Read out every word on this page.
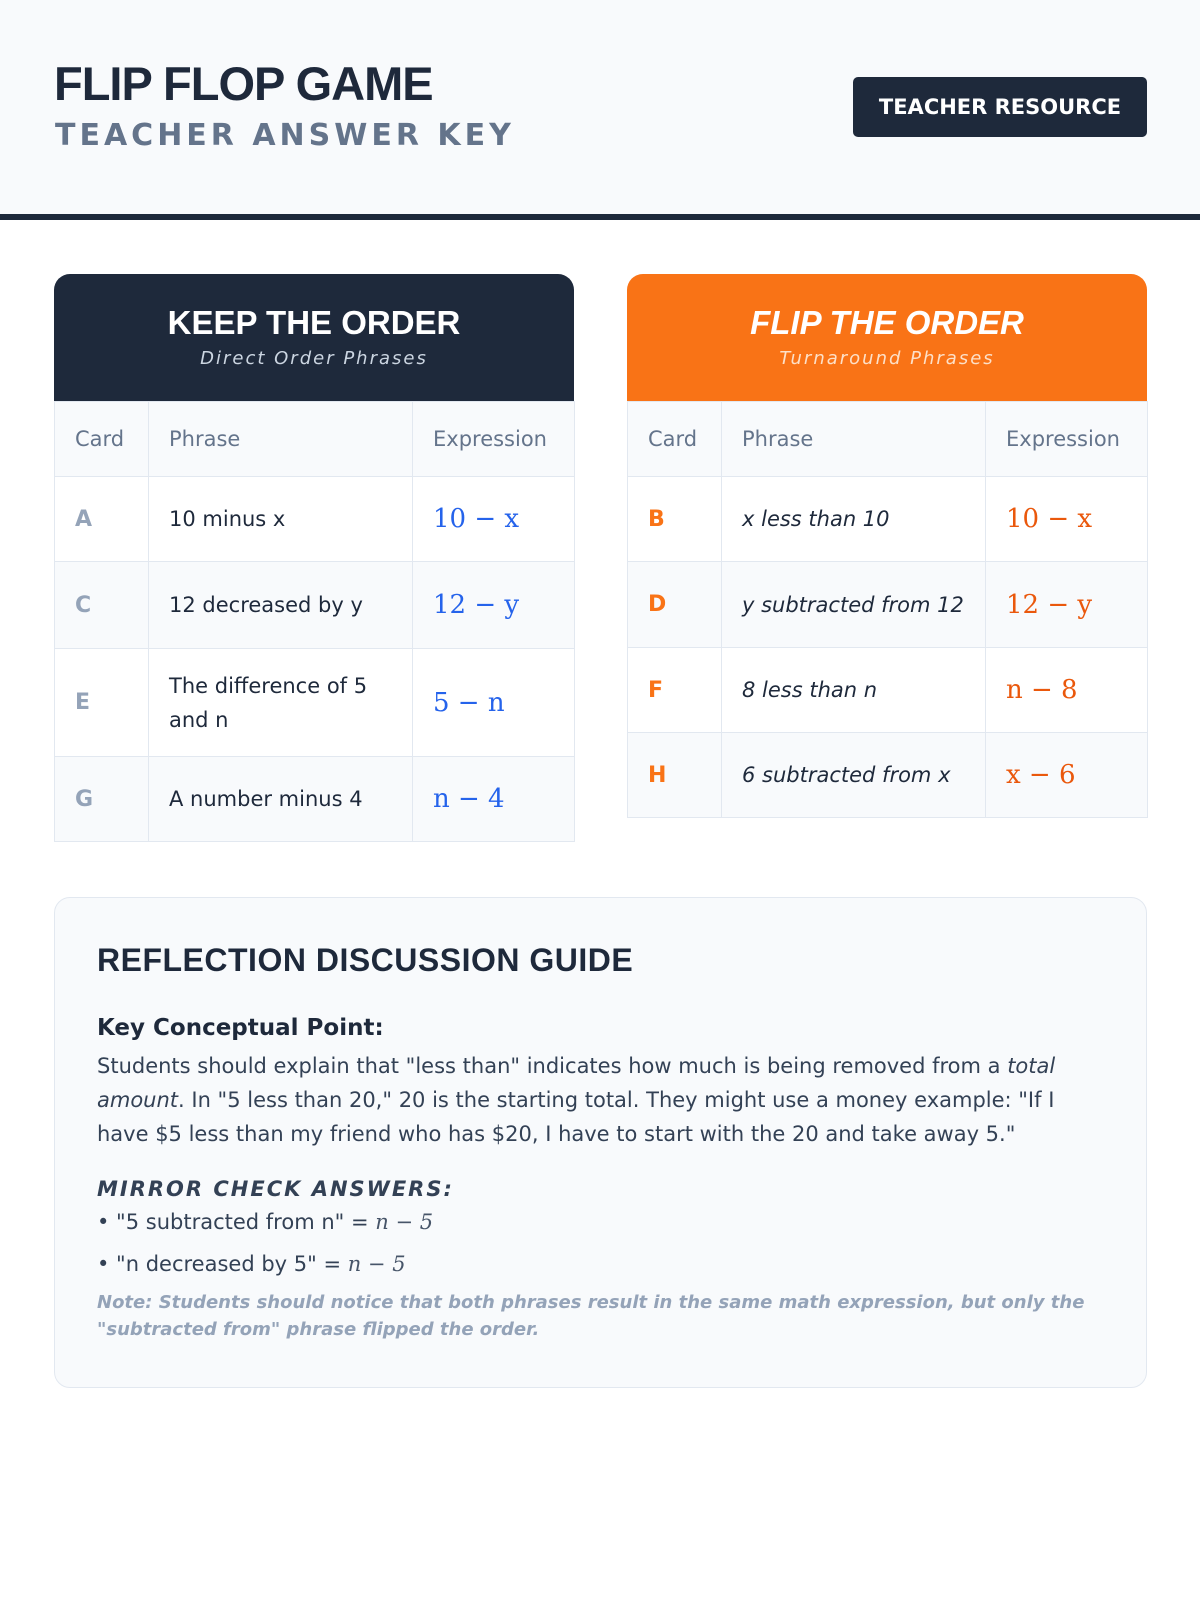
FLIP FLOP GAME
TEACHER ANSWER KEY
TEACHER RESOURCE
KEEP THE ORDER
Direct Order Phrases
Card	Phrase	Expression
A	10 minus x	10 − x
C	12 decreased by y	12 − y
E	The difference of 5 and n	5 − n
G	A number minus 4	n − 4
FLIP THE ORDER
Turnaround Phrases
Card	Phrase	Expression
B	x less than 10	10 − x
D	y subtracted from 12	12 − y
F	8 less than n	n − 8
H	6 subtracted from x	x − 6
REFLECTION DISCUSSION GUIDE
Key Conceptual Point:
Students should explain that "less than" indicates how much is being removed from a total amount. In "5 less than 20," 20 is the starting total. They might use a money example: "If I have $5 less than my friend who has $20, I have to start with the 20 and take away 5."
MIRROR CHECK ANSWERS:
• "5 subtracted from n" = n − 5
• "n decreased by 5" = n − 5
Note: Students should notice that both phrases result in the same math expression, but only the "subtracted from" phrase flipped the order.
